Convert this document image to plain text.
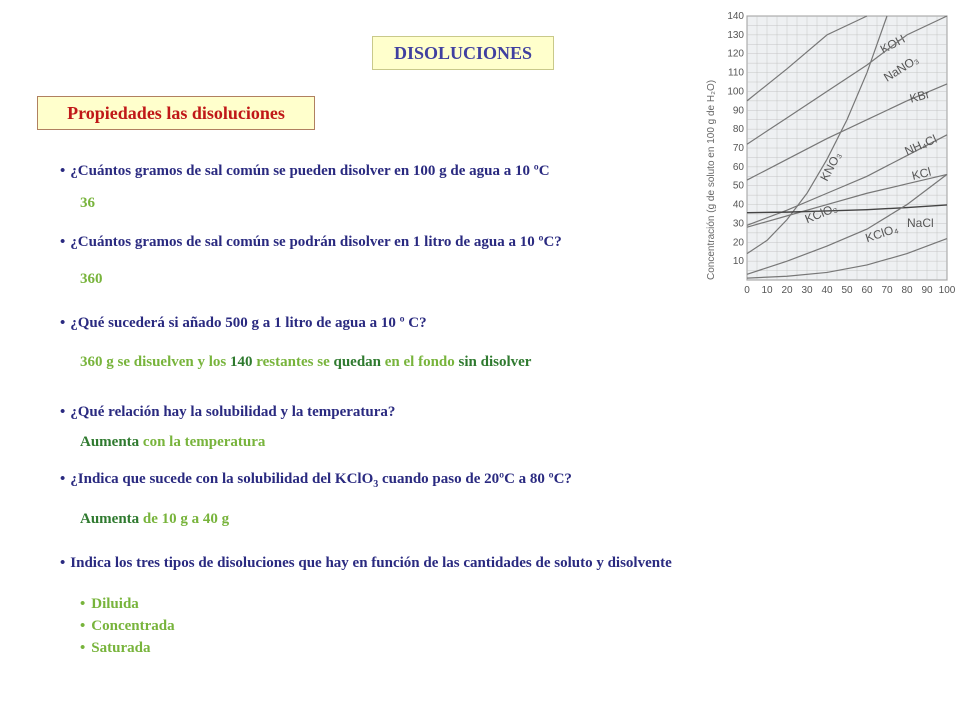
DISOLUCIONES
Propiedades las disoluciones
• ¿Cuántos gramos de sal común se pueden disolver en 100 g de agua a 10 ºC
36
• ¿Cuántos gramos de sal común se podrán disolver en 1 litro de agua a 10 ºC?
360
• ¿Qué sucederá si añado 500 g a 1 litro de agua a 10 º C?
360 g se disuelven y los 140 restantes se quedan en el fondo sin disolver
• ¿Qué relación hay la solubilidad y la temperatura?
Aumenta con la temperatura
• ¿Indica que sucede con la solubilidad del KClO$_3$ cuando paso de 20ºC a 80 ºC?
Aumenta de 10 g a 40 g
• Indica los tres tipos de disoluciones que hay en función de las cantidades de soluto y disolvente
• Diluida
• Concentrada
• Saturada
KOH
NaNO₃
KBr
KNO₃
NH₄Cl
KCl
NaCl
KClO₃
KClO₄
0 10 20 30 40 50 60 70 80 90 100
10
20
30
40
50
60
70
80
90
100
110
120
130
140
Concentración (g de soluto en 100 g de H₂O)
